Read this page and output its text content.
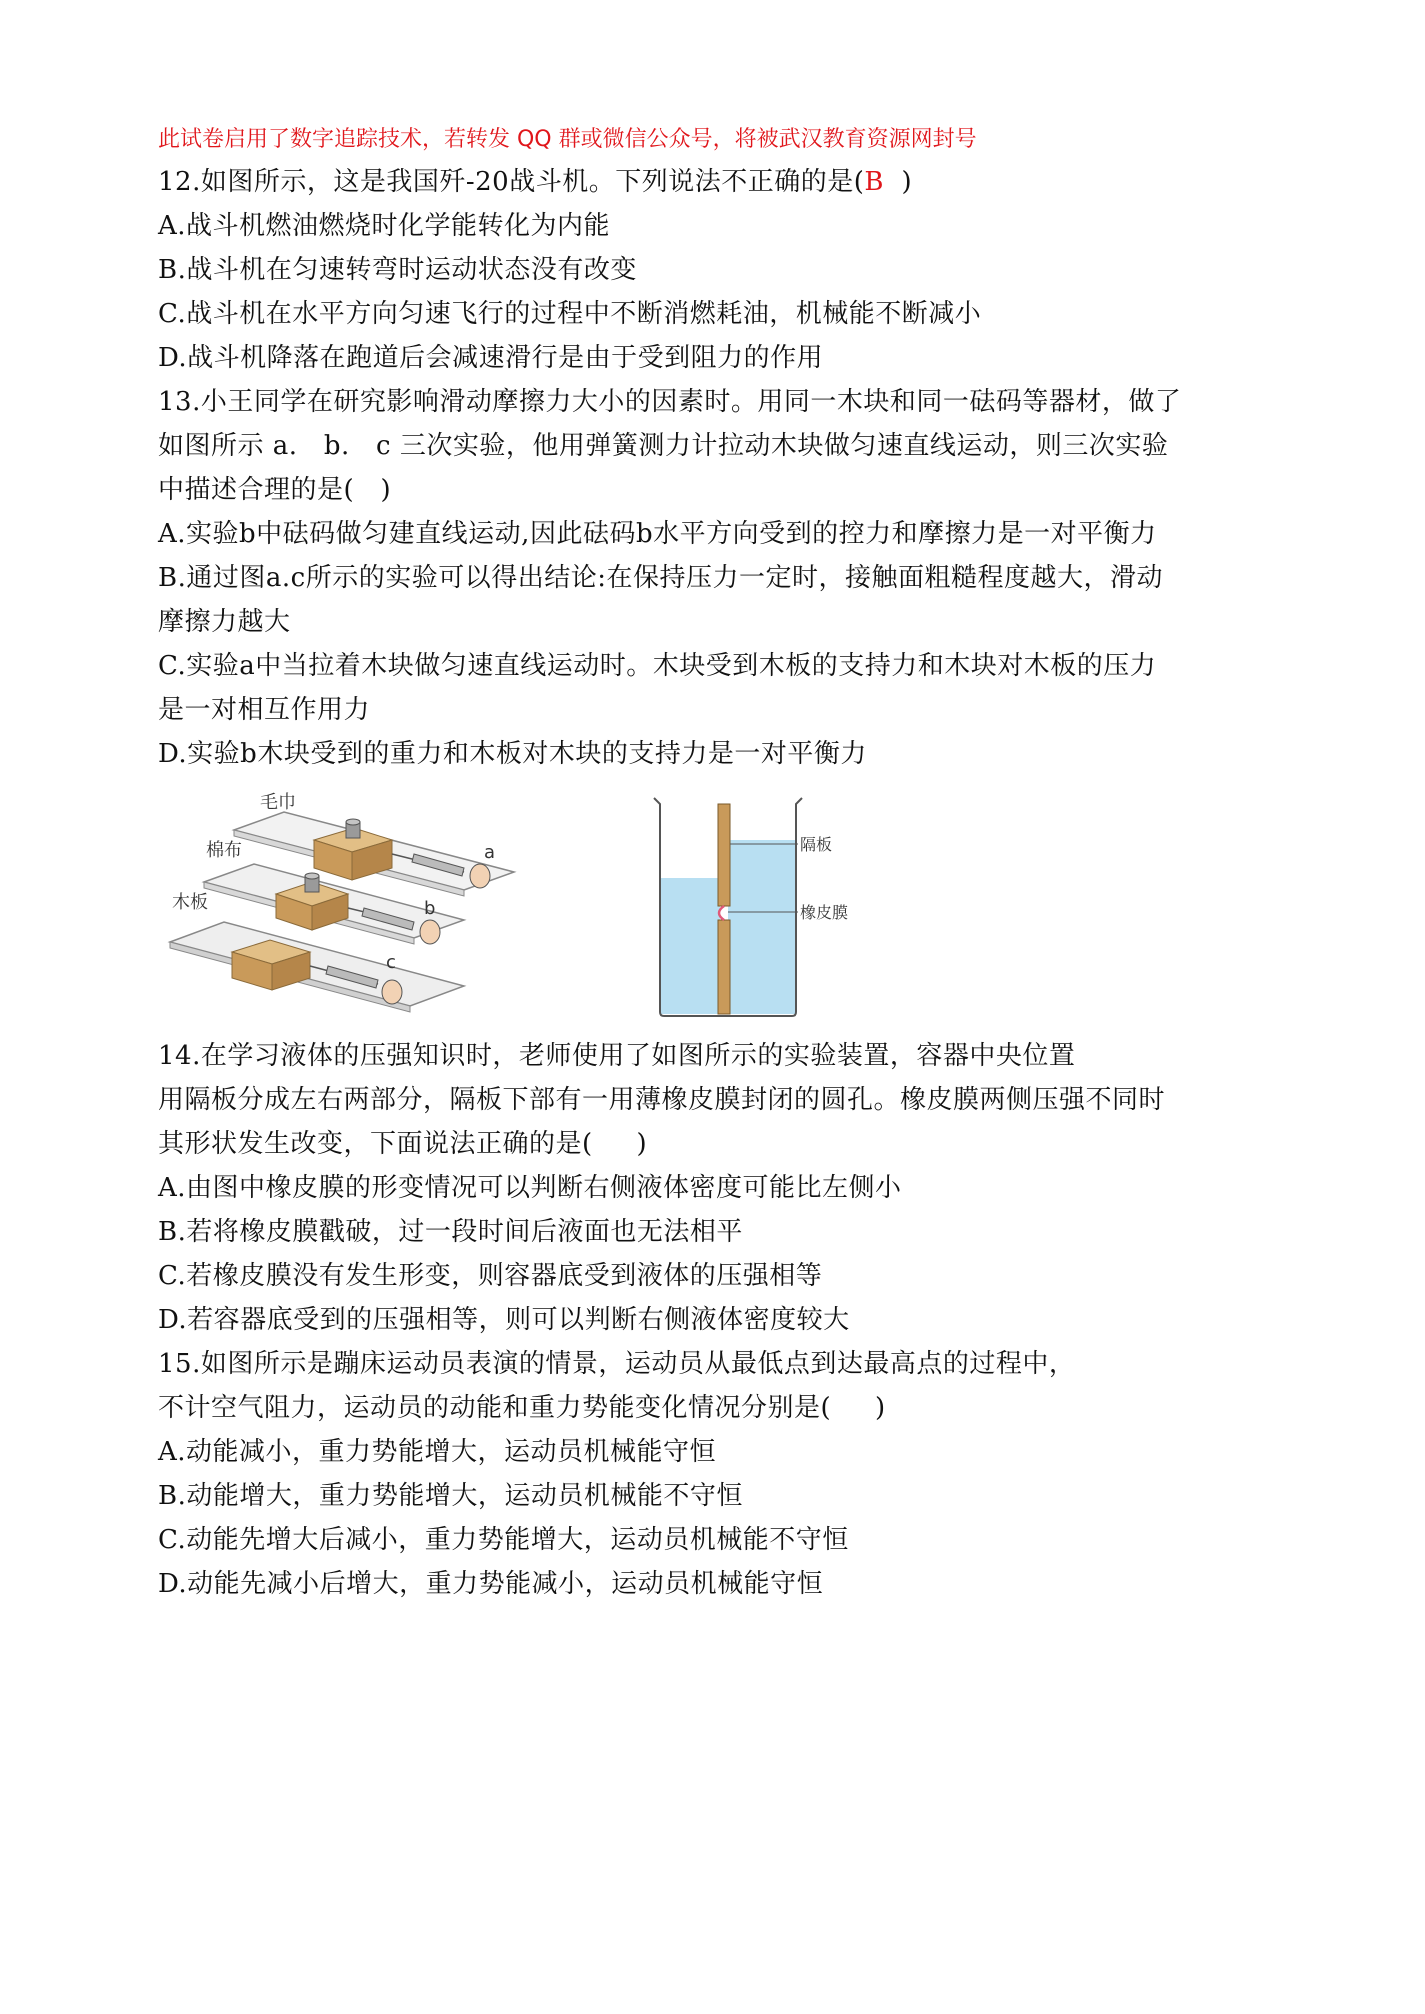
此试卷启用了数字追踪技术，若转发 QQ 群或微信公众号，将被武汉教育资源网封号

12.如图所示，这是我国歼-20战斗机。下列说法不正确的是(B  )

A.战斗机燃油燃烧时化学能转化为内能

B.战斗机在匀速转弯时运动状态没有改变

C.战斗机在水平方向匀速飞行的过程中不断消燃耗油，机械能不断减小

D.战斗机降落在跑道后会减速滑行是由于受到阻力的作用

13.小王同学在研究影响滑动摩擦力大小的因素时。用同一木块和同一砝码等器材，做了

如图所示 a.   b.   c 三次实验，他用弹簧测力计拉动木块做匀速直线运动，则三次实验

中描述合理的是(   )

A.实验b中砝码做匀建直线运动,因此砝码b水平方向受到的控力和摩擦力是一对平衡力

B.通过图a.c所示的实验可以得出结论:在保持压力一定时，接触面粗糙程度越大，滑动

摩擦力越大

C.实验a中当拉着木块做匀速直线运动时。木块受到木板的支持力和木块对木板的压力

是一对相互作用力

D.实验b木块受到的重力和木板对木块的支持力是一对平衡力

毛巾
棉布
木板
a
b
c
隔板
橡皮膜

14.在学习液体的压强知识时，老师使用了如图所示的实验装置，容器中央位置

用隔板分成左右两部分，隔板下部有一用薄橡皮膜封闭的圆孔。橡皮膜两侧压强不同时

其形状发生改变，下面说法正确的是(     )

A.由图中橡皮膜的形变情况可以判断右侧液体密度可能比左侧小

B.若将橡皮膜戳破，过一段时间后液面也无法相平

C.若橡皮膜没有发生形变，则容器底受到液体的压强相等

D.若容器底受到的压强相等，则可以判断右侧液体密度较大

15.如图所示是蹦床运动员表演的情景，运动员从最低点到达最高点的过程中，

不计空气阻力，运动员的动能和重力势能变化情况分别是(     )

A.动能减小，重力势能增大，运动员机械能守恒

B.动能增大，重力势能增大，运动员机械能不守恒

C.动能先增大后减小，重力势能增大，运动员机械能不守恒

D.动能先减小后增大，重力势能减小，运动员机械能守恒
